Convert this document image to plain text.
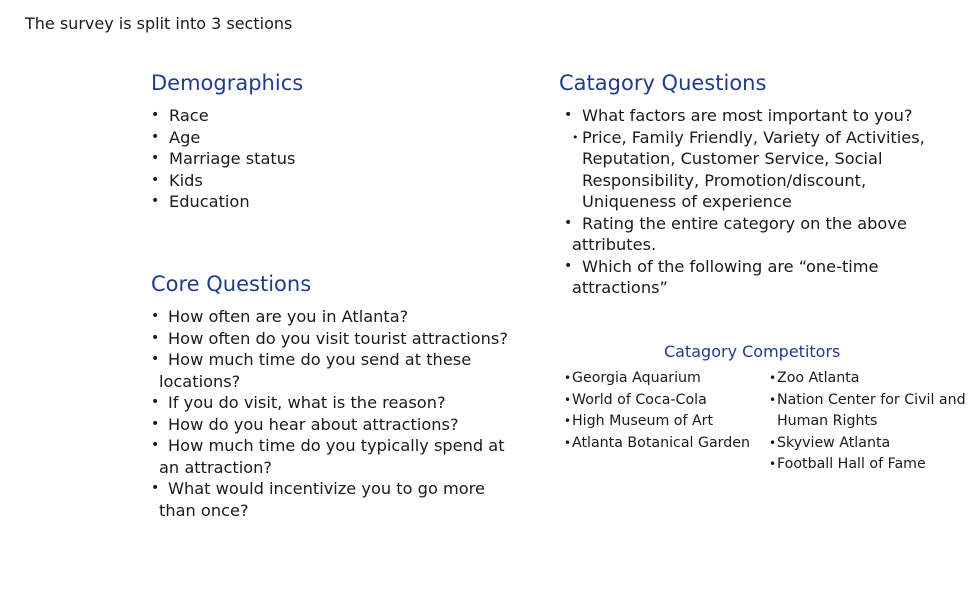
The survey is split into 3 sections
Demographics
• Race
• Age
• Marriage status
• Kids
• Education
Core Questions
• How often are you in Atlanta?
• How often do you visit tourist attractions?
• How much time do you send at these
locations?
• If you do visit, what is the reason?
• How do you hear about attractions?
• How much time do you typically spend at
an attraction?
• What would incentivize you to go more
than once?
Catagory Questions
• What factors are most important to you?
• Price, Family Friendly, Variety of Activities,
Reputation, Customer Service, Social
Responsibility, Promotion/discount,
Uniqueness of experience
• Rating the entire category on the above
attributes.
• Which of the following are “one-time
attractions”
Catagory Competitors
• Georgia Aquarium
• World of Coca-Cola
• High Museum of Art
• Atlanta Botanical Garden
• Zoo Atlanta
• Nation Center for Civil and
Human Rights
• Skyview Atlanta
• Football Hall of Fame
